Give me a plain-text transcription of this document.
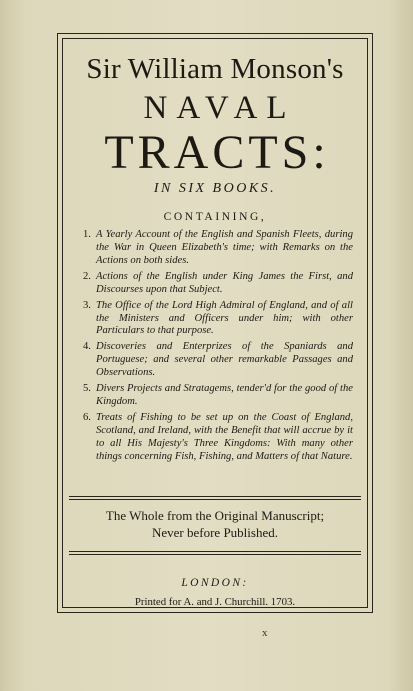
Sir William Monson's
NAVAL
TRACTS:
IN SIX BOOKS.
CONTAINING,
1. A Yearly Account of the English and Spanish Fleets, during the War in Queen Elizabeth's time; with Remarks on the Actions on both sides.
2. Actions of the English under King James the First, and Discourses upon that Subject.
3. The Office of the Lord High Admiral of England, and of all the Ministers and Officers under him; with other Particulars to that purpose.
4. Discoveries and Enterprizes of the Spaniards and Portuguese; and several other remarkable Passages and Observations.
5. Divers Projects and Stratagems, tender'd for the good of the Kingdom.
6. Treats of Fishing to be set up on the Coast of England, Scotland, and Ireland, with the Benefit that will accrue by it to all His Majesty's Three Kingdoms: With many other things concerning Fish, Fishing, and Matters of that Nature.
The Whole from the Original Manuscript;
Never before Published.
LONDON:
Printed for A. and J. Churchill. 1703.
x
